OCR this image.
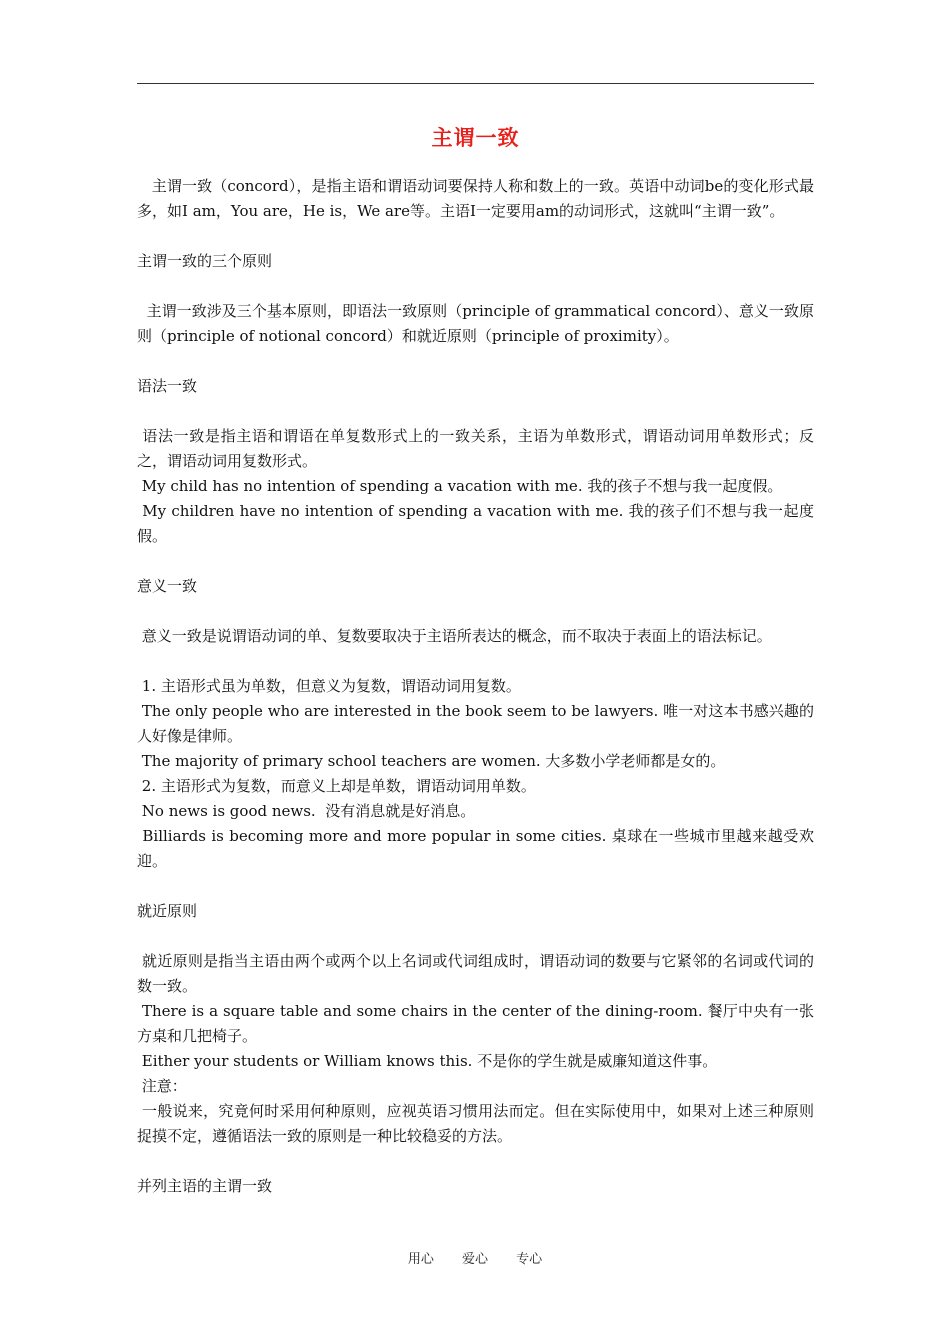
主谓一致

主谓一致（concord），是指主语和谓语动词要保持人称和数上的一致。英语中动词be的变化形式最多，如I am，You are，He is，We are等。主语I一定要用am的动词形式，这就叫“主谓一致”。

主谓一致的三个原则

主谓一致涉及三个基本原则，即语法一致原则（principle of grammatical concord）、意义一致原则（principle of notional concord）和就近原则（principle of proximity）。

语法一致

语法一致是指主语和谓语在单复数形式上的一致关系，主语为单数形式，谓语动词用单数形式；反之，谓语动词用复数形式。

My child has no intention of spending a vacation with me. 我的孩子不想与我一起度假。

My children have no intention of spending a vacation with me. 我的孩子们不想与我一起度假。

意义一致

意义一致是说谓语动词的单、复数要取决于主语所表达的概念，而不取决于表面上的语法标记。

1. 主语形式虽为单数，但意义为复数，谓语动词用复数。

The only people who are interested in the book seem to be lawyers. 唯一对这本书感兴趣的人好像是律师。

The majority of primary school teachers are women. 大多数小学老师都是女的。

2. 主语形式为复数，而意义上却是单数，谓语动词用单数。

No news is good news.  没有消息就是好消息。

Billiards is becoming more and more popular in some cities. 桌球在一些城市里越来越受欢迎。

就近原则

就近原则是指当主语由两个或两个以上名词或代词组成时，谓语动词的数要与它紧邻的名词或代词的数一致。

There is a square table and some chairs in the center of the dining-room. 餐厅中央有一张方桌和几把椅子。

Either your students or William knows this. 不是你的学生就是威廉知道这件事。

注意：

一般说来，究竟何时采用何种原则，应视英语习惯用法而定。但在实际使用中，如果对上述三种原则捉摸不定，遵循语法一致的原则是一种比较稳妥的方法。

并列主语的主谓一致

用心 爱心 专心
